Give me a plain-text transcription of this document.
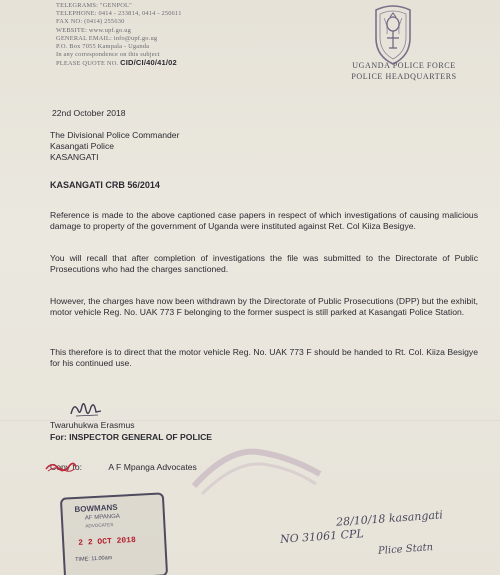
TELEGRAMS: "GENPOL"
TELEPHONE: 0414 - 233814, 0414 - 250611
FAX NO: (0414) 255630
WEBSITE: www.upf.go.ug
GENERAL EMAIL: info@upf.go.ug
P.O. Box 7055 Kampala - Uganda
In any correspondence on this subject
PLEASE QUOTE NO. CID/CI/40/41/02	UGANDA POLICE FORCE
POLICE HEADQUARTERS
22nd October 2018
The Divisional Police Commander
Kasangati Police
KASANGATI
KASANGATI CRB 56/2014
Reference is made to the above captioned case papers in respect of which investigations of causing malicious damage to property of the government of Uganda were instituted against Ret. Col Kiiza Besigye.
You will recall that after completion of investigations the file was submitted to the Directorate of Public Prosecutions who had the charges sanctioned.
However, the charges have now been withdrawn by the Directorate of Public Prosecutions (DPP) but the exhibit, motor vehicle Reg. No. UAK 773 F belonging to the former suspect is still parked at Kasangati Police Station.
This therefore is to direct that the motor vehicle Reg. No. UAK 773 F should be handed to Rt. Col. Kiiza Besigye for his continued use.
Twaruhukwa Erasmus
For: INSPECTOR GENERAL OF POLICE
Copy to:	A F Mpanga Advocates
BOWMANS
AF MPANGA
ADVOCATES
2 2 OCT 2018
TIME: 11.00am
28/10/18 kasangati
NO 31061 CPL
Plice Statn
